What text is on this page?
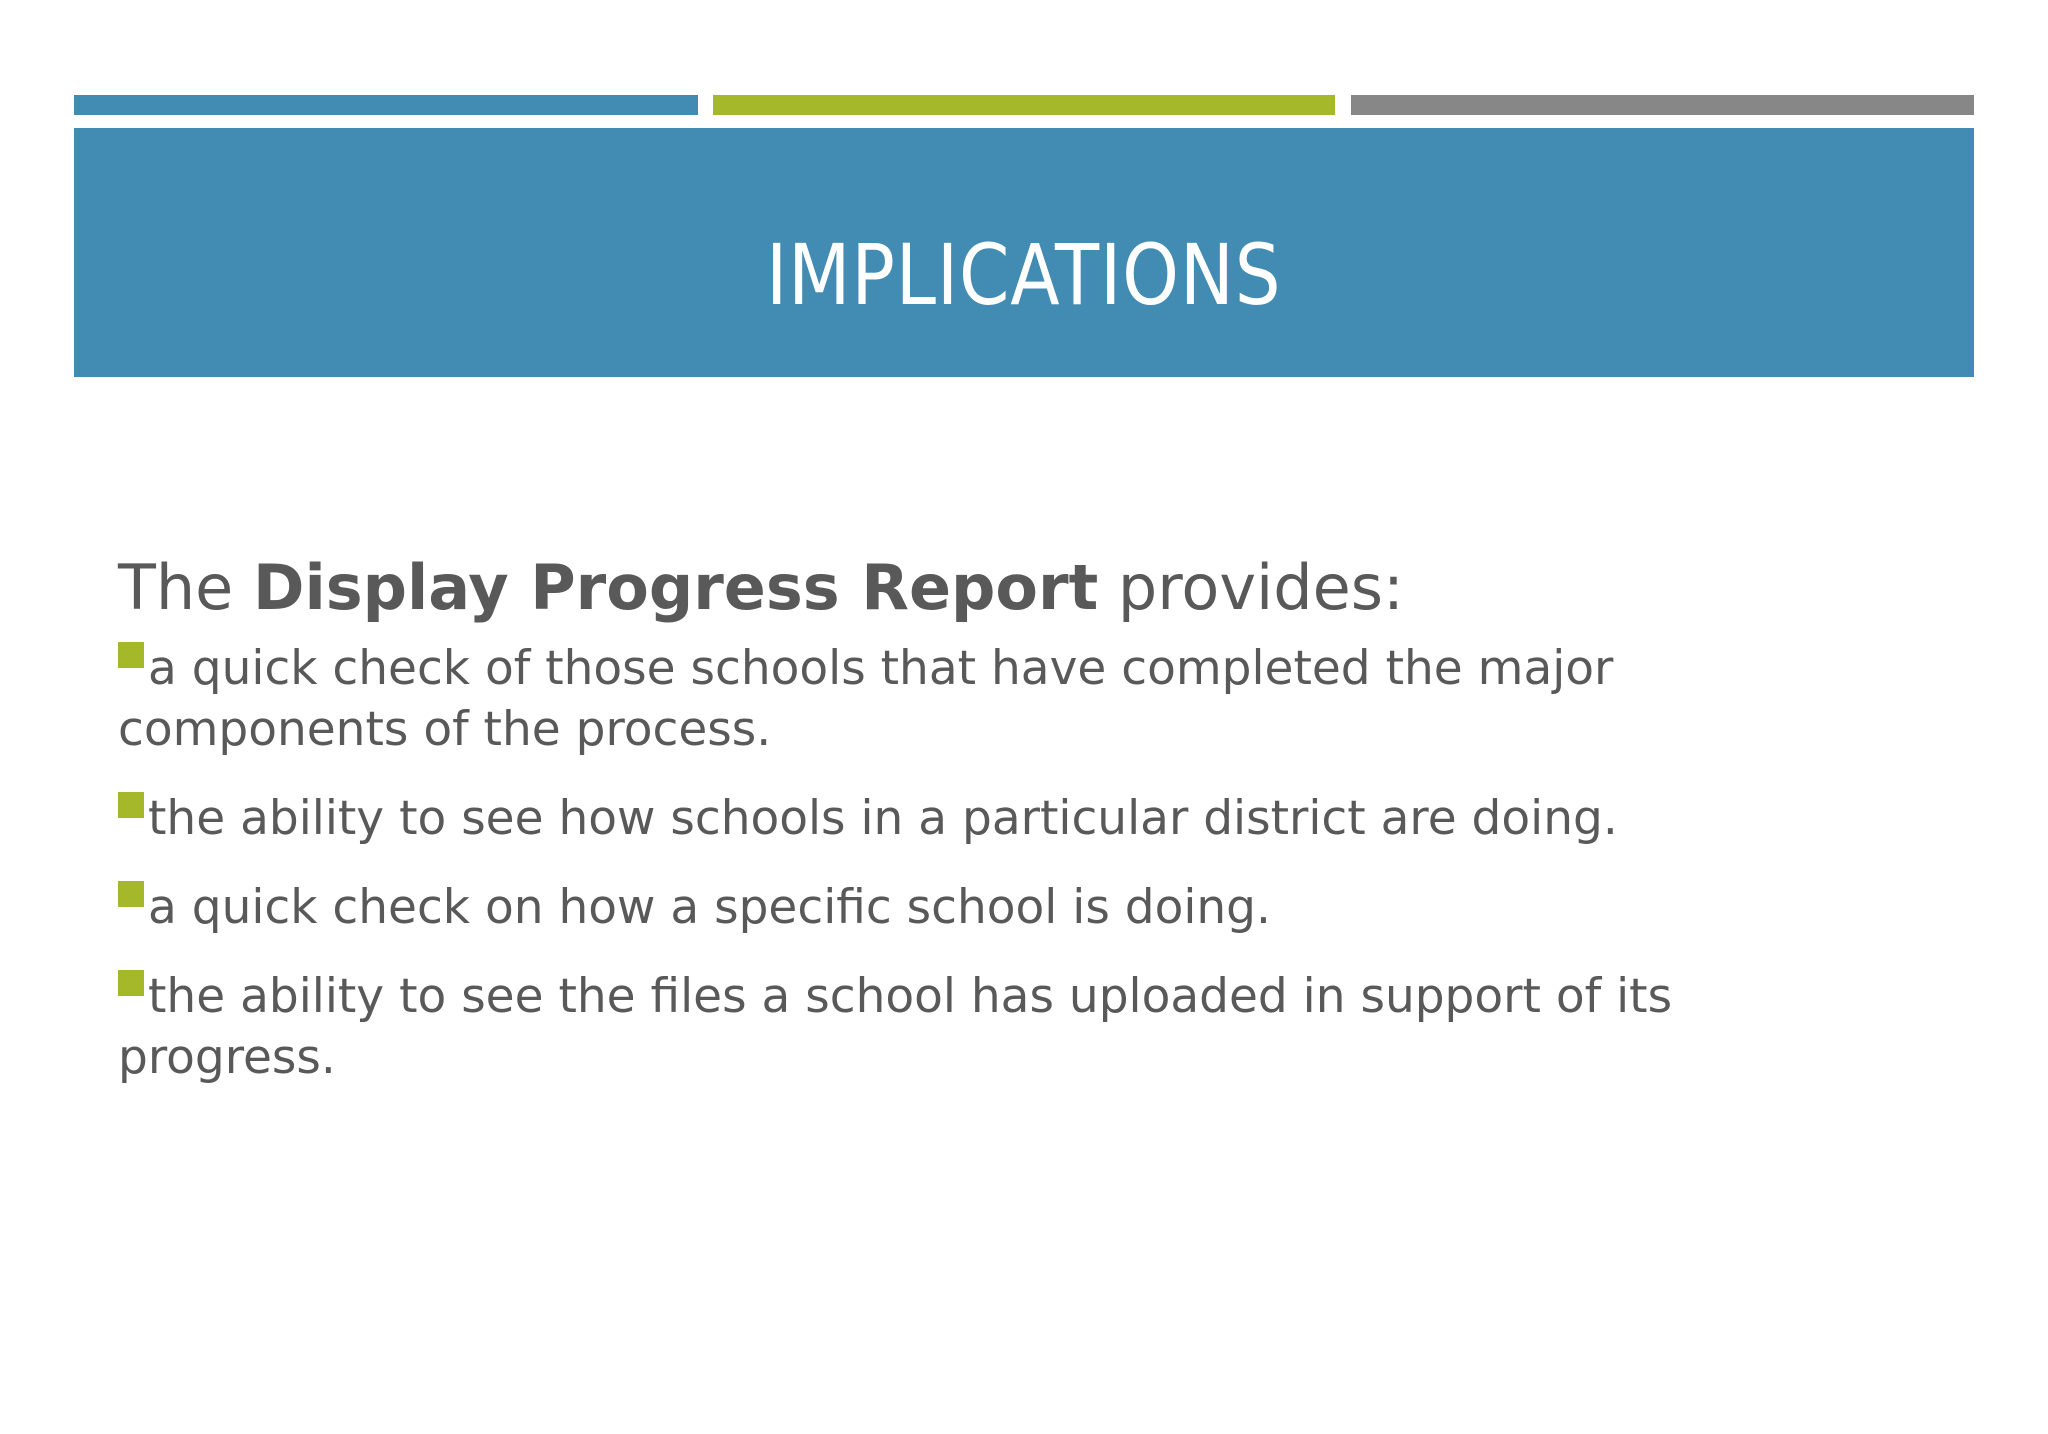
IMPLICATIONS

The Display Progress Report provides:

a quick check of those schools that have completed the major components of the process.
the ability to see how schools in a particular district are doing.
a quick check on how a specific school is doing.
the ability to see the files a school has uploaded in support of its progress.
